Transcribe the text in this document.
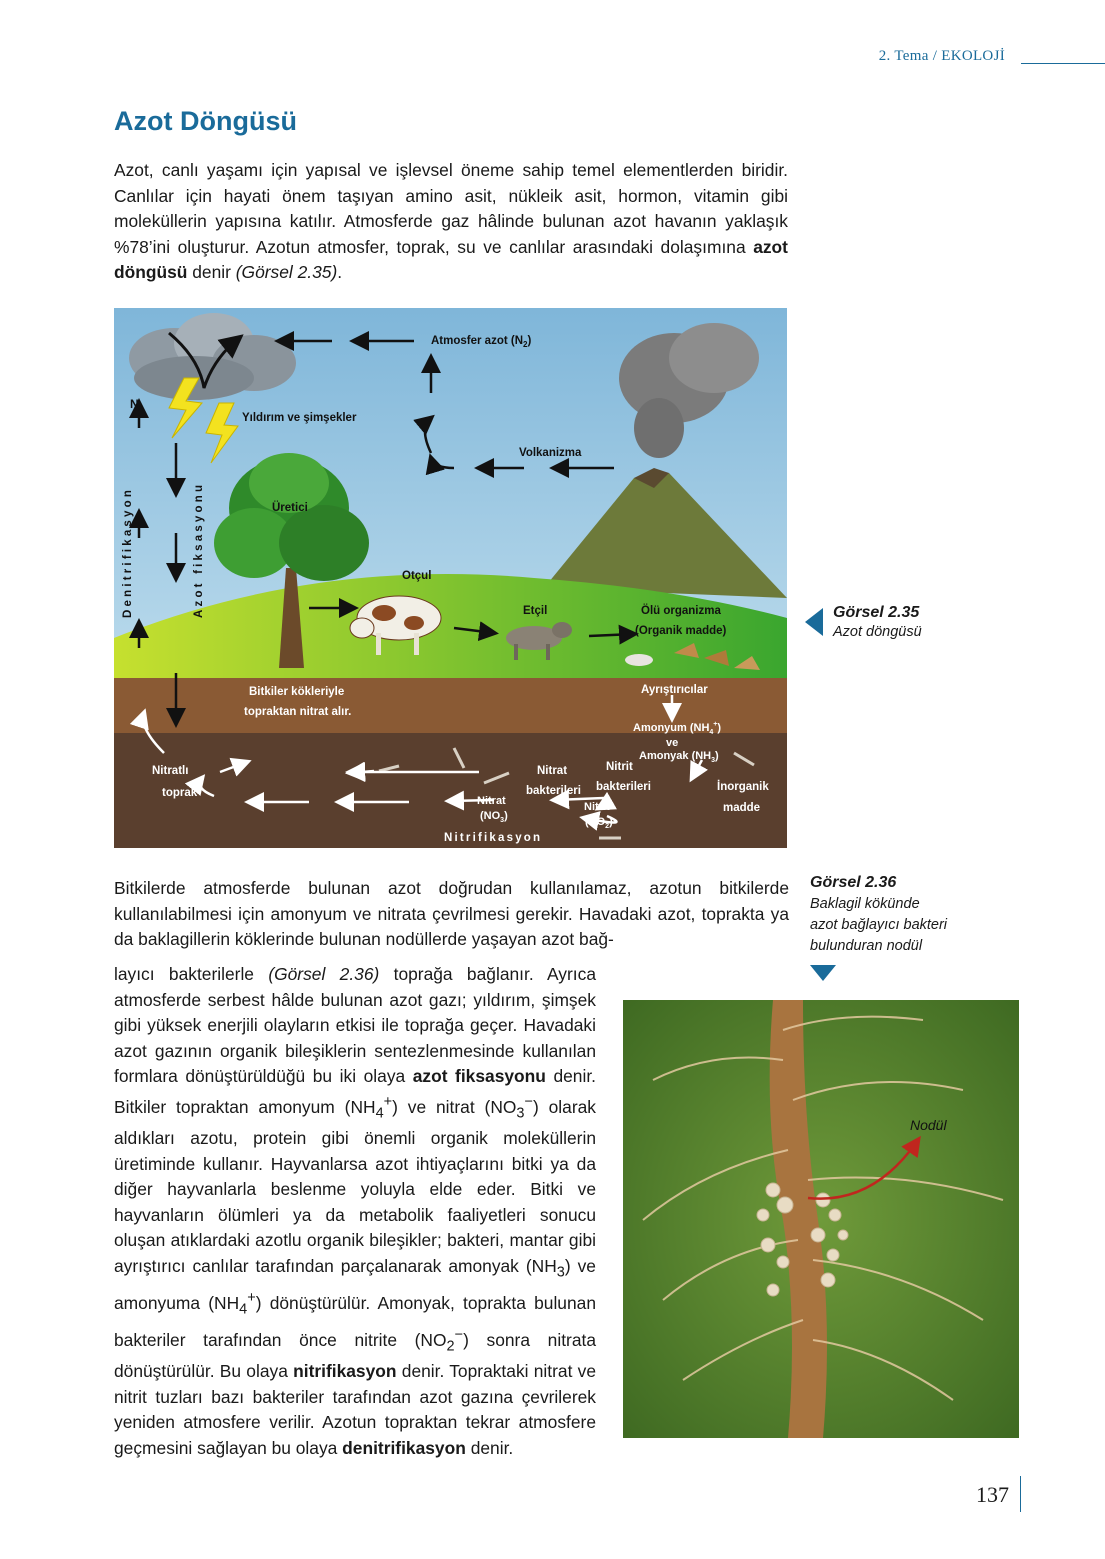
2. Tema / EKOLOJİ
Azot Döngüsü

Azot, canlı yaşamı için yapısal ve işlevsel öneme sahip temel elementlerden biridir. Canlılar için hayati önem taşıyan amino asit, nükleik asit, hormon, vitamin gibi moleküllerin yapısına katılır. Atmosferde gaz hâlinde bulunan azot havanın yaklaşık %78’ini oluşturur. Azotun atmosfer, toprak, su ve canlılar arasındaki dolaşımına azot döngüsü denir (Görsel 2.35).

Atmosfer azot $(N_2)$
$N_2$
Yıldırım ve şimşekler
Volkanizma
Üretici
Otçul
Etçil	Ölü organizma
(Organik madde)
Denitrifikasyon	Azot fiksasyonu
Bitkiler kökleriyle
topraktan nitrat alır.
Ayrıştırıcılar
Amonyum $(NH_4^+)$
ve
Amonyak $(NH_3)$
Nitratlı
toprak
Nitrat
bakterileri
Nitrit
bakterileri	İnorganik
madde
Nitrat
$(NO_3)$
Nitrit
$(NO_2)$
Nitrifikasyon
Görsel 2.35
Azot döngüsü
Görsel 2.36
Baklagil kökünde
azot bağlayıcı bakteri
bulunduran nodül

Bitkilerde atmosferde bulunan azot doğrudan kullanılamaz, azotun bitkilerde kullanılabilmesi için amonyum ve nitrata çevrilmesi gerekir. Havadaki azot, toprakta ya da baklagillerin köklerinde bulunan nodüllerde yaşayan azot bağ-

layıcı bakterilerle (Görsel 2.36) toprağa bağlanır. Ayrıca atmosferde serbest hâlde bulunan azot gazı; yıldırım, şimşek gibi yüksek enerjili olayların etkisi ile toprağa geçer. Havadaki azot gazının organik bileşiklerin sentezlenmesinde kullanılan formlara dönüştürüldüğü bu iki olaya azot fiksasyonu denir. Bitkiler topraktan amonyum $(NH_4^+)$ ve nitrat $(NO_3^-)$ olarak aldıkları azotu, protein gibi önemli organik moleküllerin üretiminde kullanır. Hayvanlarsa azot ihtiyaçlarını bitki ya da diğer hayvanlarla beslenme yoluyla elde eder. Bitki ve hayvanların ölümleri ya da metabolik faaliyetleri sonucu oluşan atıklardaki azotlu organik bileşikler; bakteri, mantar gibi ayrıştırıcı canlılar tarafından parçalanarak amonyak $(NH_3)$ ve amonyuma $(NH_4^+)$ dönüştürülür. Amonyak, toprakta bulunan bakteriler tarafından önce nitrite $(NO_2^-)$ sonra nitrata dönüştürülür. Bu olaya nitrifikasyon denir. Topraktaki nitrat ve nitrit tuzları bazı bakteriler tarafından azot gazına çevrilerek yeniden atmosfere verilir. Azotun topraktan tekrar atmosfere geçmesini sağlayan bu olaya denitrifikasyon denir.

Nodül
137
